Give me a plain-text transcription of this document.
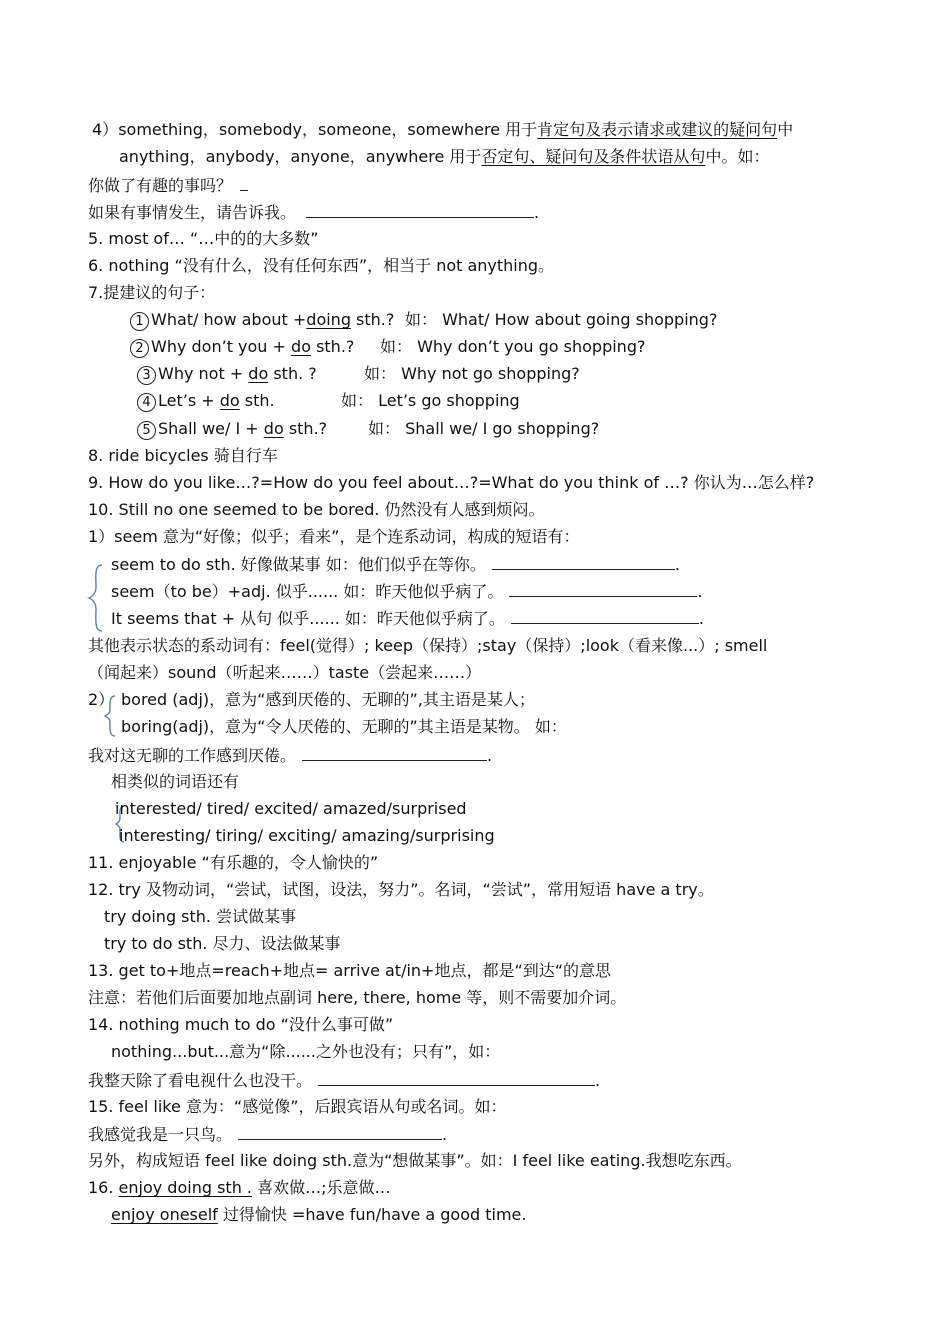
4）something，somebody，someone，somewhere 用于肯定句及表示请求或建议的疑问句中
anything，anybody，anyone，anywhere 用于否定句、疑问句及条件状语从句中。如：
你做了有趣的事吗？
如果有事情发生，请告诉我。	.
5. most of… “…中的的大多数”
6. nothing “没有什么，没有任何东西”，相当于 not anything。
7.提建议的句子：
1 What/ how about +doing sth.? 如： What/ How about going shopping?
2 Why don’t you + do sth.? 如： Why don’t you go shopping?
3 Why not + do sth. ?	如： Why not go shopping?
4 Let’s + do sth.	如： Let’s go shopping
5 Shall we/ I + do sth.?	如： Shall we/ I go shopping?
8. ride bicycles 骑自行车
9. How do you like…?=How do you feel about…?=What do you think of …? 你认为…怎么样?
10. Still no one seemed to be bored. 仍然没有人感到烦闷。
1）seem 意为“好像；似乎；看来”，是个连系动词，构成的短语有：
seem to do sth. 好像做某事 如：他们似乎在等你。	.
seem（to be）+adj. 似乎...... 如：昨天他似乎病了。	.
It seems that + 从句 似乎...... 如：昨天他似乎病了。	.
其他表示状态的系动词有：feel(觉得）; keep（保持）;stay（保持）;look（看来像...）; smell
（闻起来）sound（听起来……）taste（尝起来……）
2） bored (adj)，意为“感到厌倦的、无聊的”,其主语是某人；
boring(adj)，意为“令人厌倦的、无聊的”其主语是某物。 如：
我对这无聊的工作感到厌倦。	.
相类似的词语还有
interested/ tired/ excited/ amazed/surprised
interesting/ tiring/ exciting/ amazing/surprising
11. enjoyable “有乐趣的，令人愉快的”
12. try 及物动词，“尝试，试图，设法，努力”。名词，“尝试”，常用短语 have a try。
try doing sth. 尝试做某事
try to do sth. 尽力、设法做某事
13. get to+地点=reach+地点= arrive at/in+地点，都是“到达“的意思
注意：若他们后面要加地点副词 here, there, home 等，则不需要加介词。
14. nothing much to do “没什么事可做”
nothing...but...意为“除......之外也没有；只有”，如：
我整天除了看电视什么也没干。	.
15. feel like 意为：“感觉像”，后跟宾语从句或名词。如：
我感觉我是一只鸟。	.
另外，构成短语 feel like doing sth.意为“想做某事”。如：I feel like eating.我想吃东西。
16. enjoy doing sth . 喜欢做…;乐意做…
enjoy oneself 过得愉快 =have fun/have a good time.
